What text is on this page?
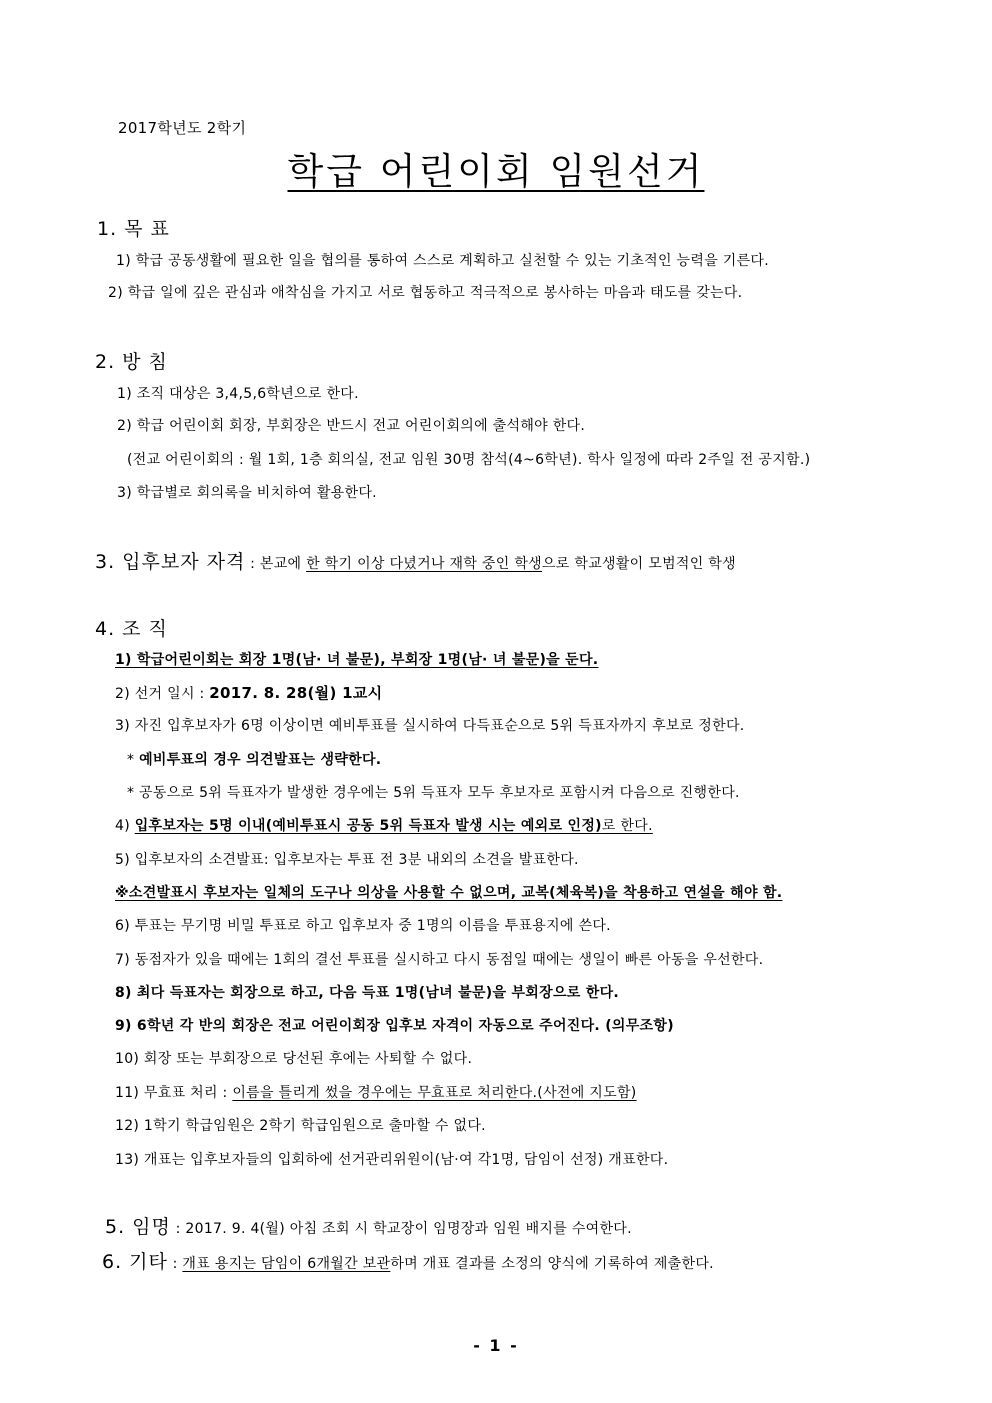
2017학년도 2학기
학급 어린이회 임원선거
1. 목 표
1) 학급 공동생활에 필요한 일을 협의를 통하여 스스로 계획하고 실천할 수 있는 기초적인 능력을 기른다.
2) 학급 일에 깊은 관심과 애착심을 가지고 서로 협동하고 적극적으로 봉사하는 마음과 태도를 갖는다.
2. 방 침
1) 조직 대상은 3,4,5,6학년으로 한다.
2) 학급 어린이회 회장, 부회장은 반드시 전교 어린이회의에 출석해야 한다.
(전교 어린이회의 : 월 1회, 1층 회의실, 전교 임원 30명 참석(4~6학년). 학사 일정에 따라 2주일 전 공지함.)
3) 학급별로 회의록을 비치하여 활용한다.
3. 입후보자 자격 : 본교에 한 학기 이상 다녔거나 재학 중인 학생으로 학교생활이 모범적인 학생
4. 조 직
1) 학급어린이회는 회장 1명(남· 녀 불문), 부회장 1명(남· 녀 불문)을 둔다.
2) 선거 일시 : 2017. 8. 28(월) 1교시
3) 자진 입후보자가 6명 이상이면 예비투표를 실시하여 다득표순으로 5위 득표자까지 후보로 정한다.
* 예비투표의 경우 의견발표는 생략한다.
* 공동으로 5위 득표자가 발생한 경우에는 5위 득표자 모두 후보자로 포함시켜 다음으로 진행한다.
4) 입후보자는 5명 이내(예비투표시 공동 5위 득표자 발생 시는 예외로 인정)로 한다.
5) 입후보자의 소견발표: 입후보자는 투표 전 3분 내외의 소견을 발표한다.
※소견발표시 후보자는 일체의 도구나 의상을 사용할 수 없으며, 교복(체육복)을 착용하고 연설을 해야 함.
6) 투표는 무기명 비밀 투표로 하고 입후보자 중 1명의 이름을 투표용지에 쓴다.
7) 동점자가 있을 때에는 1회의 결선 투표를 실시하고 다시 동점일 때에는 생일이 빠른 아동을 우선한다.
8) 최다 득표자는 회장으로 하고, 다음 득표 1명(남녀 불문)을 부회장으로 한다.
9) 6학년 각 반의 회장은 전교 어린이회장 입후보 자격이 자동으로 주어진다. (의무조항)
10) 회장 또는 부회장으로 당선된 후에는 사퇴할 수 없다.
11) 무효표 처리 : 이름을 틀리게 썼을 경우에는 무효표로 처리한다.(사전에 지도함)
12) 1학기 학급임원은 2학기 학급임원으로 출마할 수 없다.
13) 개표는 입후보자들의 입회하에 선거관리위원이(남·여 각1명, 담임이 선정) 개표한다.
5. 임명 : 2017. 9. 4(월) 아침 조회 시 학교장이 임명장과 임원 배지를 수여한다.
6. 기타 : 개표 용지는 담임이 6개월간 보관하며 개표 결과를 소정의 양식에 기록하여 제출한다.
- 1 -
